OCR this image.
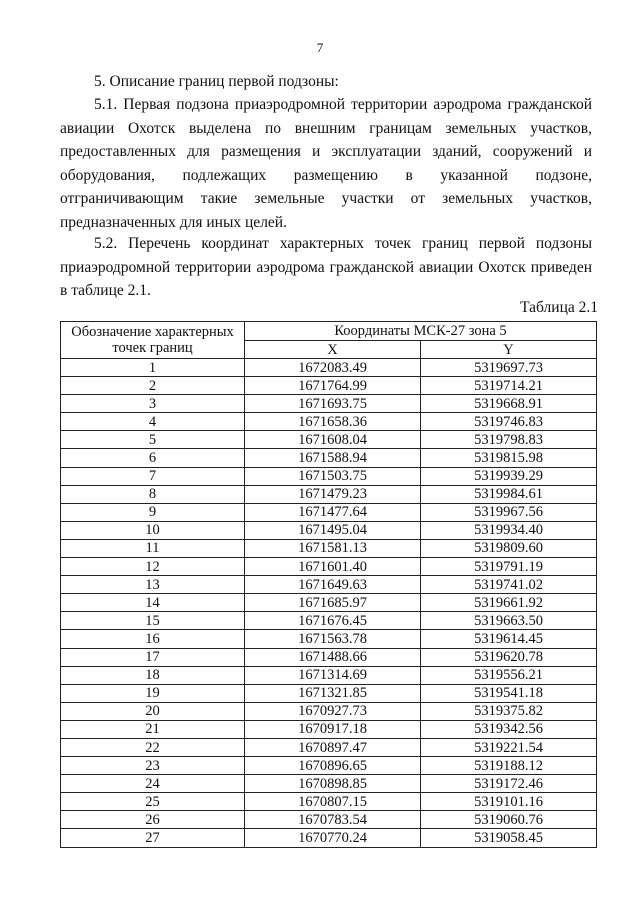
7
5. Описание границ первой подзоны:
5.1. Первая подзона приаэродромной территории аэродрома гражданской авиации Охотск выделена по внешним границам земельных участков, предоставленных для размещения и эксплуатации зданий, сооружений и оборудования, подлежащих размещению в указанной подзоне, отграничивающим такие земельные участки от земельных участков, предназначенных для иных целей.
5.2. Перечень координат характерных точек границ первой подзоны приаэродромной территории аэродрома гражданской авиации Охотск приведен в таблице 2.1.
Таблица 2.1
Обозначение характерных точек границ	Координаты МСК-27 зона 5	
	X	Y
1	1672083.49	5319697.73
2	1671764.99	5319714.21
3	1671693.75	5319668.91
4	1671658.36	5319746.83
5	1671608.04	5319798.83
6	1671588.94	5319815.98
7	1671503.75	5319939.29
8	1671479.23	5319984.61
9	1671477.64	5319967.56
10	1671495.04	5319934.40
11	1671581.13	5319809.60
12	1671601.40	5319791.19
13	1671649.63	5319741.02
14	1671685.97	5319661.92
15	1671676.45	5319663.50
16	1671563.78	5319614.45
17	1671488.66	5319620.78
18	1671314.69	5319556.21
19	1671321.85	5319541.18
20	1670927.73	5319375.82
21	1670917.18	5319342.56
22	1670897.47	5319221.54
23	1670896.65	5319188.12
24	1670898.85	5319172.46
25	1670807.15	5319101.16
26	1670783.54	5319060.76
27	1670770.24	5319058.45
